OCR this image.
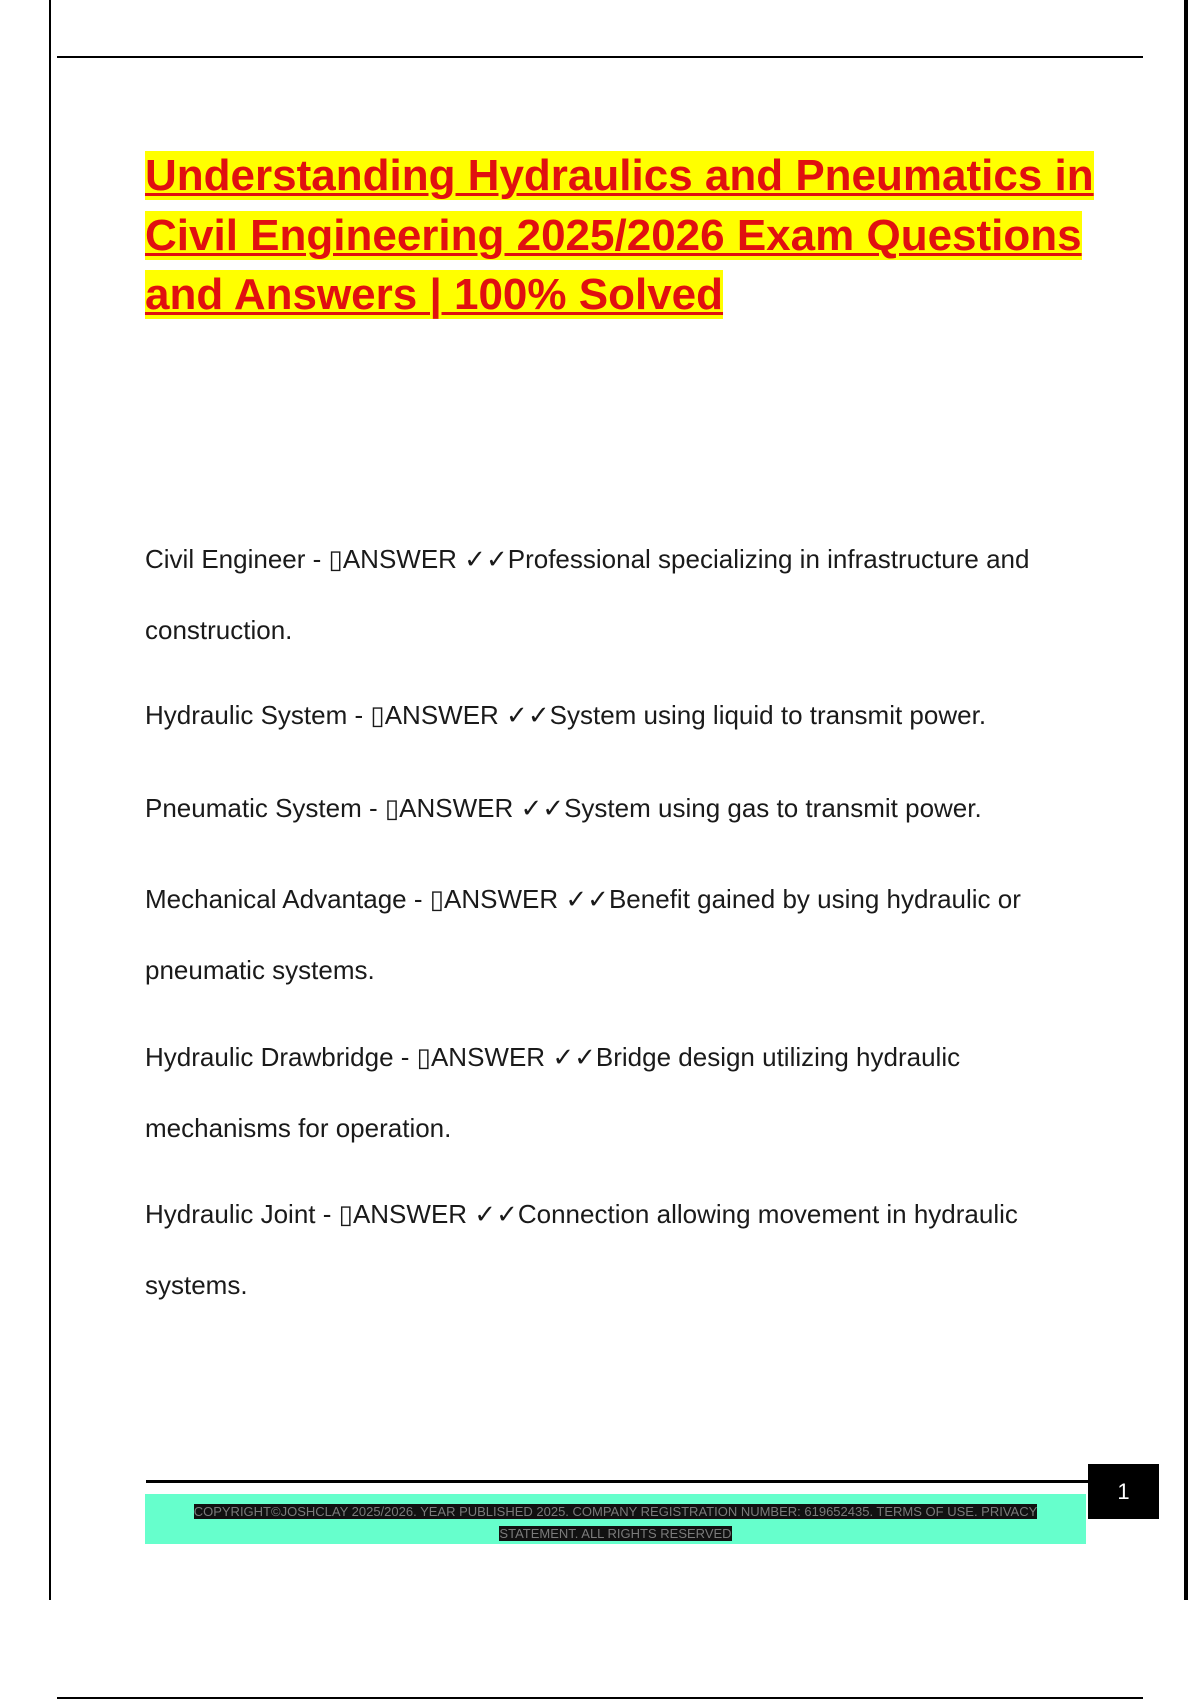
Understanding Hydraulics and Pneumatics in Civil Engineering 2025/2026 Exam Questions and Answers | 100% Solved

Civil Engineer - ▯ANSWER ✓✓Professional specializing in infrastructure and construction.

Hydraulic System - ▯ANSWER ✓✓System using liquid to transmit power.

Pneumatic System - ▯ANSWER ✓✓System using gas to transmit power.

Mechanical Advantage - ▯ANSWER ✓✓Benefit gained by using hydraulic or pneumatic systems.

Hydraulic Drawbridge - ▯ANSWER ✓✓Bridge design utilizing hydraulic mechanisms for operation.

Hydraulic Joint - ▯ANSWER ✓✓Connection allowing movement in hydraulic systems.

COPYRIGHT©JOSHCLAY 2025/2026. YEAR PUBLISHED 2025. COMPANY REGISTRATION NUMBER: 619652435. TERMS OF USE. PRIVACY STATEMENT. ALL RIGHTS RESERVED
1
